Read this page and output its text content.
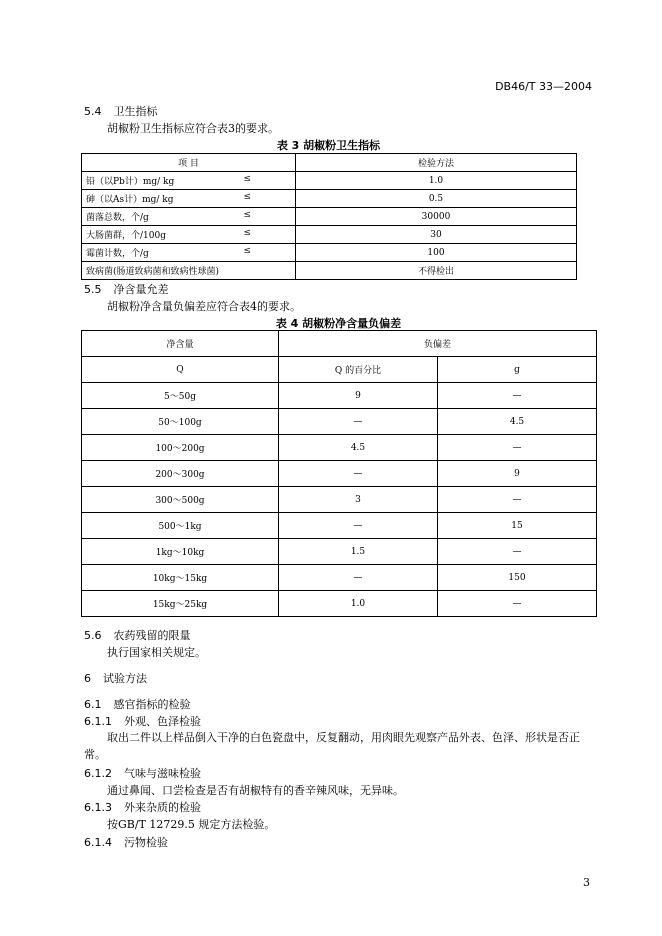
DB46/T 33—2004
5.4 卫生指标
胡椒粉卫生指标应符合表3的要求。
表 3 胡椒粉卫生指标
项 目	检验方法
铅（以Pb计）mg/ kg ≤	1.0
砷（以As计）mg/ kg ≤	0.5
菌落总数，个/g ≤	30000
大肠菌群，个/100g ≤	30
霉菌计数，个/g ≤	100
致病菌(肠道致病菌和致病性球菌)	不得检出
5.5 净含量允差
胡椒粉净含量负偏差应符合表4的要求。
表 4 胡椒粉净含量负偏差
净含量	负偏差	
Q	Q 的百分比	g
5～50g	9	—
50～100g	—	4.5
100～200g	4.5	—
200～300g	—	9
300～500g	3	—
500～1kg	—	15
1kg～10kg	1.5	—
10kg～15kg	—	150
15kg～25kg	1.0	—
5.6 农药残留的限量
执行国家相关规定。
6 试验方法
6.1 感官指标的检验
6.1.1 外观、色泽检验
取出二件以上样品倒入干净的白色瓷盘中，反复翻动，用肉眼先观察产品外表、色泽、形状是否正常。
6.1.2 气味与滋味检验
通过鼻闻、口尝检查是否有胡椒特有的香辛辣风味，无异味。
6.1.3 外来杂质的检验
按GB/T 12729.5 规定方法检验。
6.1.4 污物检验
3
